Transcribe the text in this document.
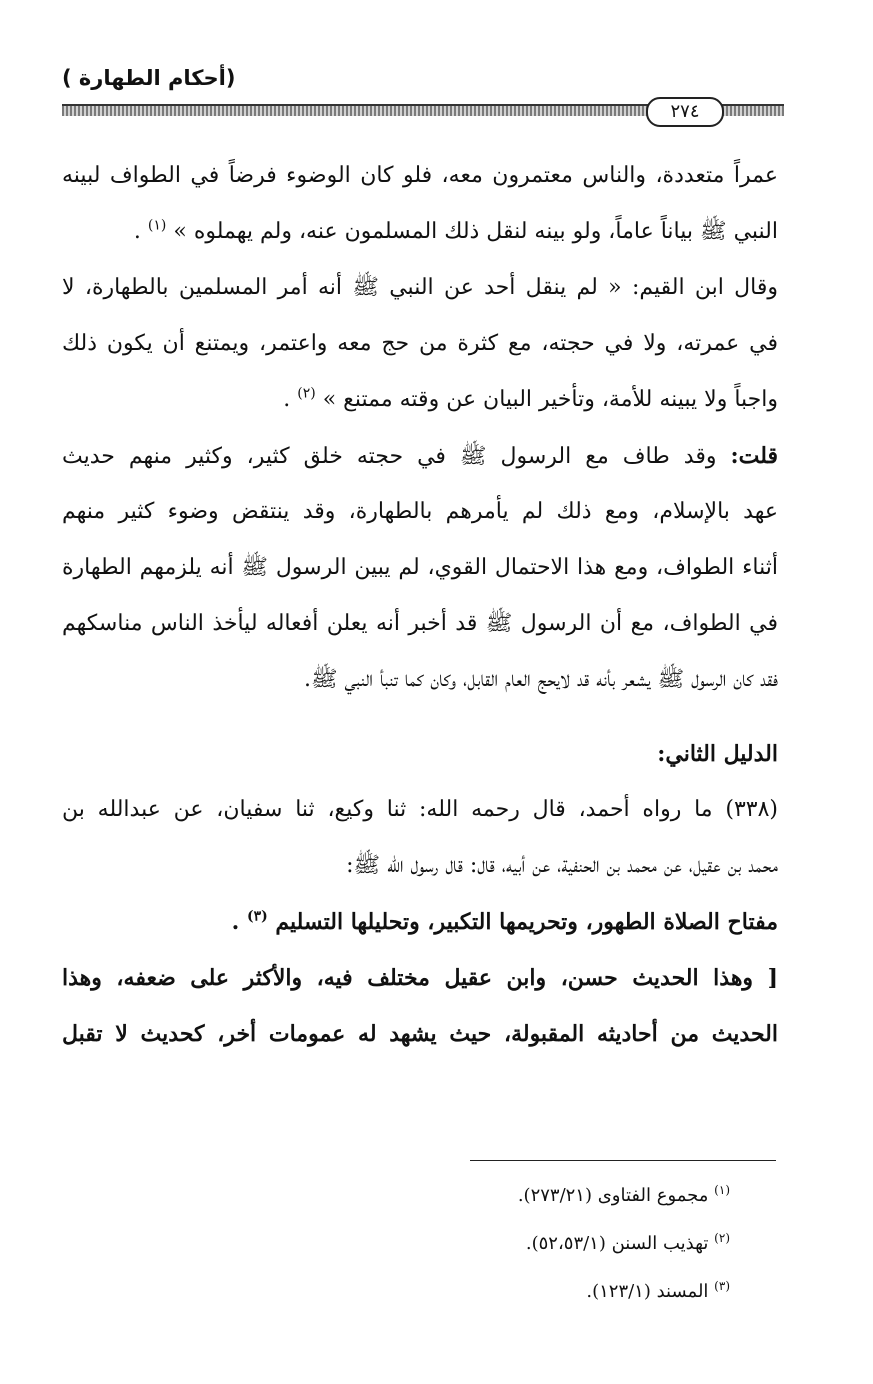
(أحكام الطهارة )
٢٧٤
عمراً متعددة، والناس معتمرون معه، فلو كان الوضوء فرضاً في الطواف لبينه
النبي ﷺ بياناً عاماً، ولو بينه لنقل ذلك المسلمون عنه، ولم يهملوه » $^{(١)}$ .
وقال ابن القيم: « لم ينقل أحد عن النبي ﷺ أنه أمر المسلمين بالطهارة، لا
في عمرته، ولا في حجته، مع كثرة من حج معه واعتمر، ويمتنع أن يكون ذلك
واجباً ولا يبينه للأمة، وتأخير البيان عن وقته ممتنع » $^{(٢)}$ .
قلت: وقد طاف مع الرسول ﷺ في حجته خلق كثير، وكثير منهم حديث
عهد بالإسلام، ومع ذلك لم يأمرهم بالطهارة، وقد ينتقض وضوء كثير منهم
أثناء الطواف، ومع هذا الاحتمال القوي، لم يبين الرسول ﷺ أنه يلزمهم الطهارة
في الطواف، مع أن الرسول ﷺ قد أخبر أنه يعلن أفعاله ليأخذ الناس مناسكهم
فقد كان الرسول ﷺ يشعر بأنه قد لايحج العام القابل، وكان كما تنبأ النبي ﷺ.
الدليل الثاني:
(٣٣٨) ما رواه أحمد، قال رحمه الله: ثنا وكيع، ثنا سفيان، عن عبدالله بن
محمد بن عقيل، عن محمد بن الحنفية، عن أبيه، قال: قال رسول الله ﷺ:
مفتاح الصلاة الطهور، وتحريمها التكبير، وتحليلها التسليم $^{(٣)}$ .
[ وهذا الحديث حسن، وابن عقيل مختلف فيه، والأكثر على ضعفه، وهذا
الحديث من أحاديثه المقبولة، حيث يشهد له عمومات أخر، كحديث لا تقبل
$^{(١)}$ مجموع الفتاوى (٢٧٣/٢١).
$^{(٢)}$ تهذيب السنن (٥٢،٥٣/١).
$^{(٣)}$ المسند (١٢٣/١).
